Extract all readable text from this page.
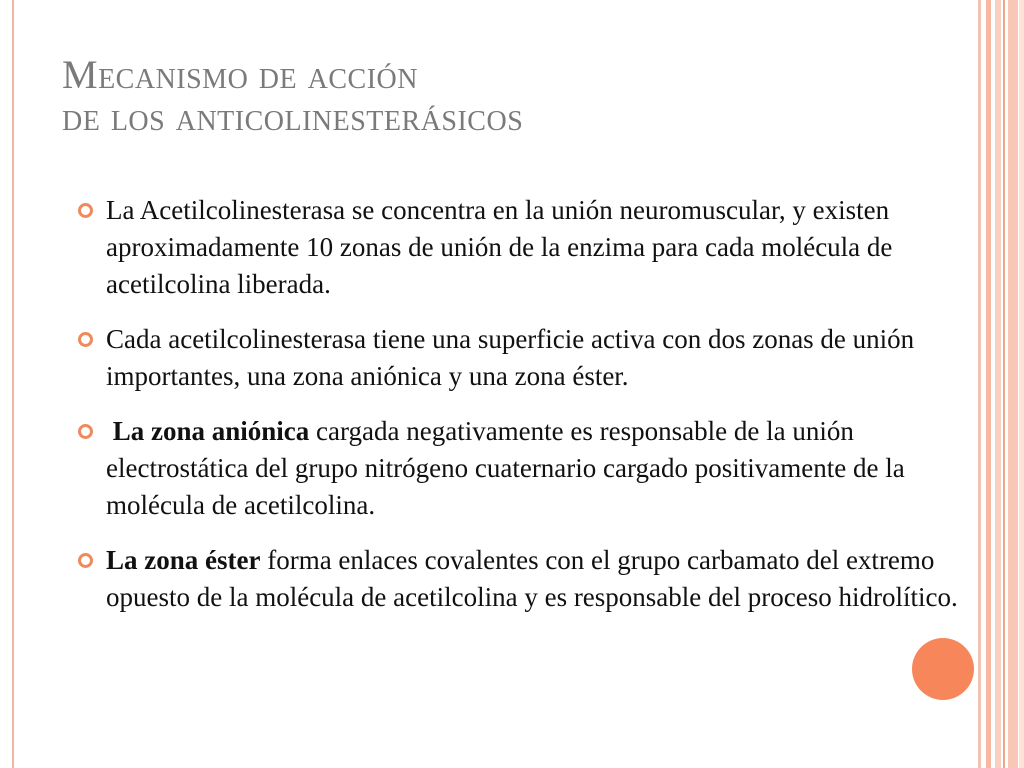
Mecanismo de acción
de los anticolinesterásicos
La Acetilcolinesterasa se concentra en la unión neuromuscular, y existen aproximadamente 10 zonas de unión de la enzima para cada molécula de acetilcolina liberada.
Cada acetilcolinesterasa tiene una superficie activa con dos zonas de unión importantes, una zona aniónica y una zona éster.
La zona aniónica cargada negativamente es responsable de la unión electrostática del grupo nitrógeno cuaternario cargado positivamente de la molécula de acetilcolina.
La zona éster forma enlaces covalentes con el grupo carbamato del extremo opuesto de la molécula de acetilcolina y es responsable del proceso hidrolítico.
